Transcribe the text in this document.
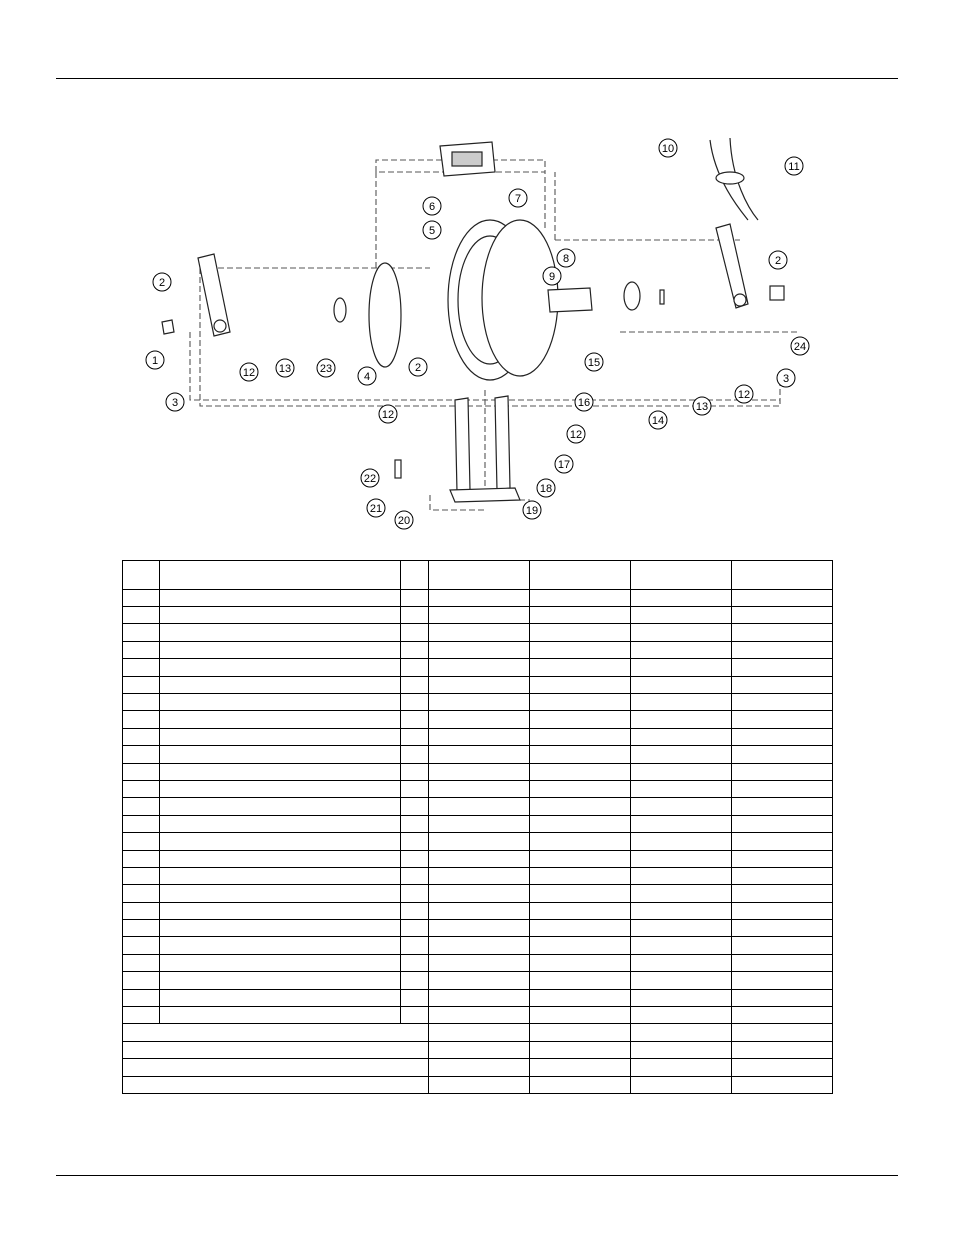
1
2
2
2
3
3
4
5
6
7
8
9
10
11
12
12
12
12
13
13
14
15
16
17
18
19
20
21
22
23
24
